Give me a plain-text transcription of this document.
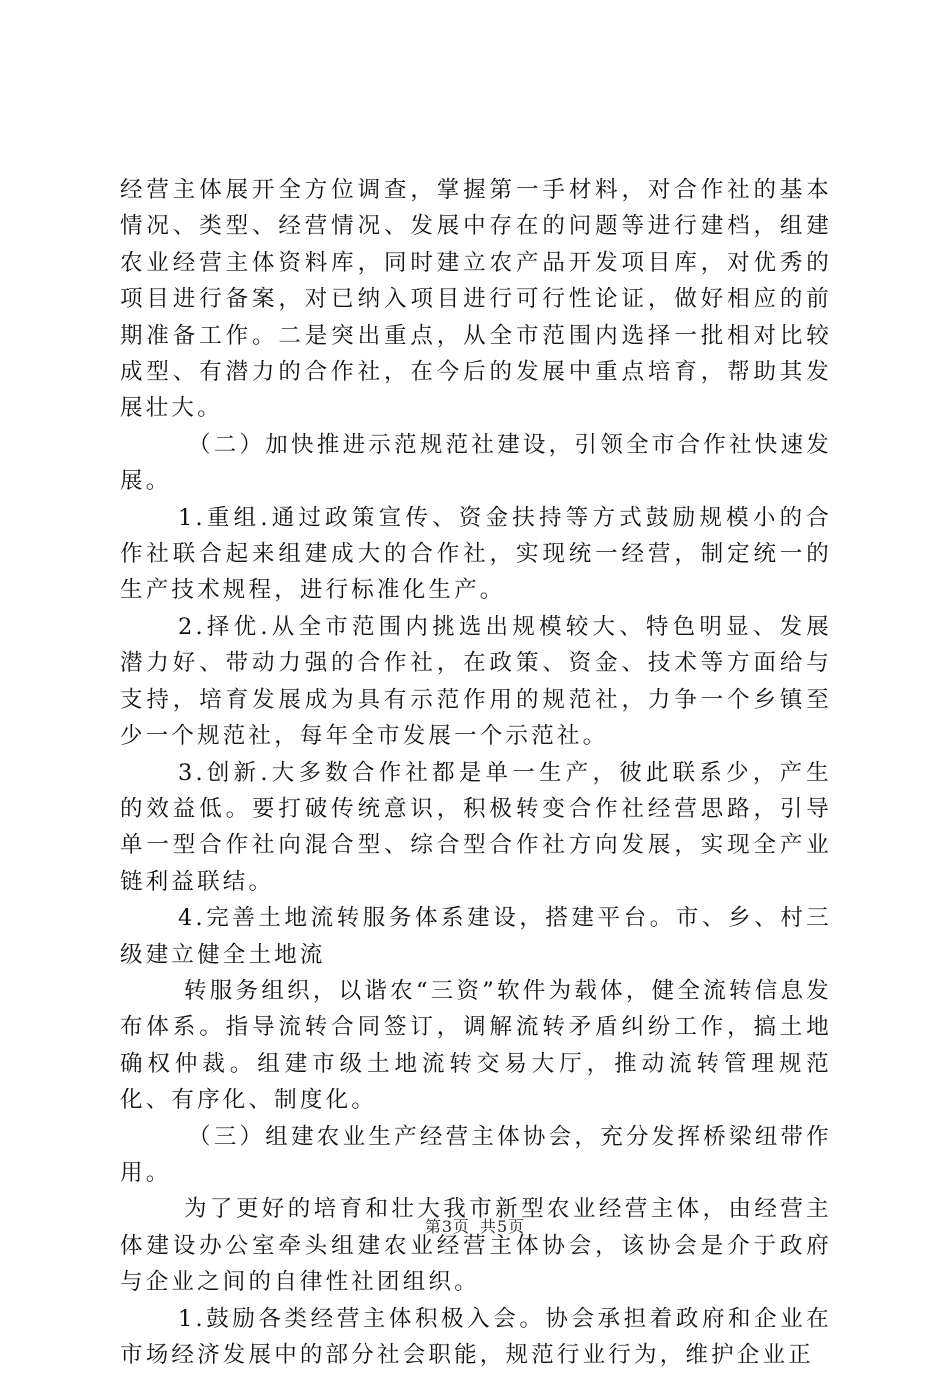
经营主体展开全方位调查，掌握第一手材料，对合作社的基本情况、类型、经营情况、发展中存在的问题等进行建档，组建农业经营主体资料库，同时建立农产品开发项目库，对优秀的项目进行备案，对已纳入项目进行可行性论证，做好相应的前期准备工作。二是突出重点，从全市范围内选择一批相对比较成型、有潜力的合作社，在今后的发展中重点培育，帮助其发展壮大。

（二）加快推进示范规范社建设，引领全市合作社快速发展。

1.重组.通过政策宣传、资金扶持等方式鼓励规模小的合作社联合起来组建成大的合作社，实现统一经营，制定统一的生产技术规程，进行标准化生产。

2.择优.从全市范围内挑选出规模较大、特色明显、发展潜力好、带动力强的合作社，在政策、资金、技术等方面给与支持，培育发展成为具有示范作用的规范社，力争一个乡镇至少一个规范社，每年全市发展一个示范社。

3.创新.大多数合作社都是单一生产，彼此联系少，产生的效益低。要打破传统意识，积极转变合作社经营思路，引导单一型合作社向混合型、综合型合作社方向发展，实现全产业链利益联结。

4.完善土地流转服务体系建设，搭建平台。市、乡、村三级建立健全土地流

转服务组织，以谐农“三资”软件为载体，健全流转信息发布体系。指导流转合同签订，调解流转矛盾纠纷工作，搞土地确权仲裁。组建市级土地流转交易大厅，推动流转管理规范化、有序化、制度化。

（三）组建农业生产经营主体协会，充分发挥桥梁纽带作用。

为了更好的培育和壮大我市新型农业经营主体，由经营主体建设办公室牵头组建农业经营主体协会，该协会是介于政府与企业之间的自律性社团组织。

1.鼓励各类经营主体积极入会。协会承担着政府和企业在市场经济发展中的部分社会职能，规范行业行为，维护企业正

第3页 共5页
